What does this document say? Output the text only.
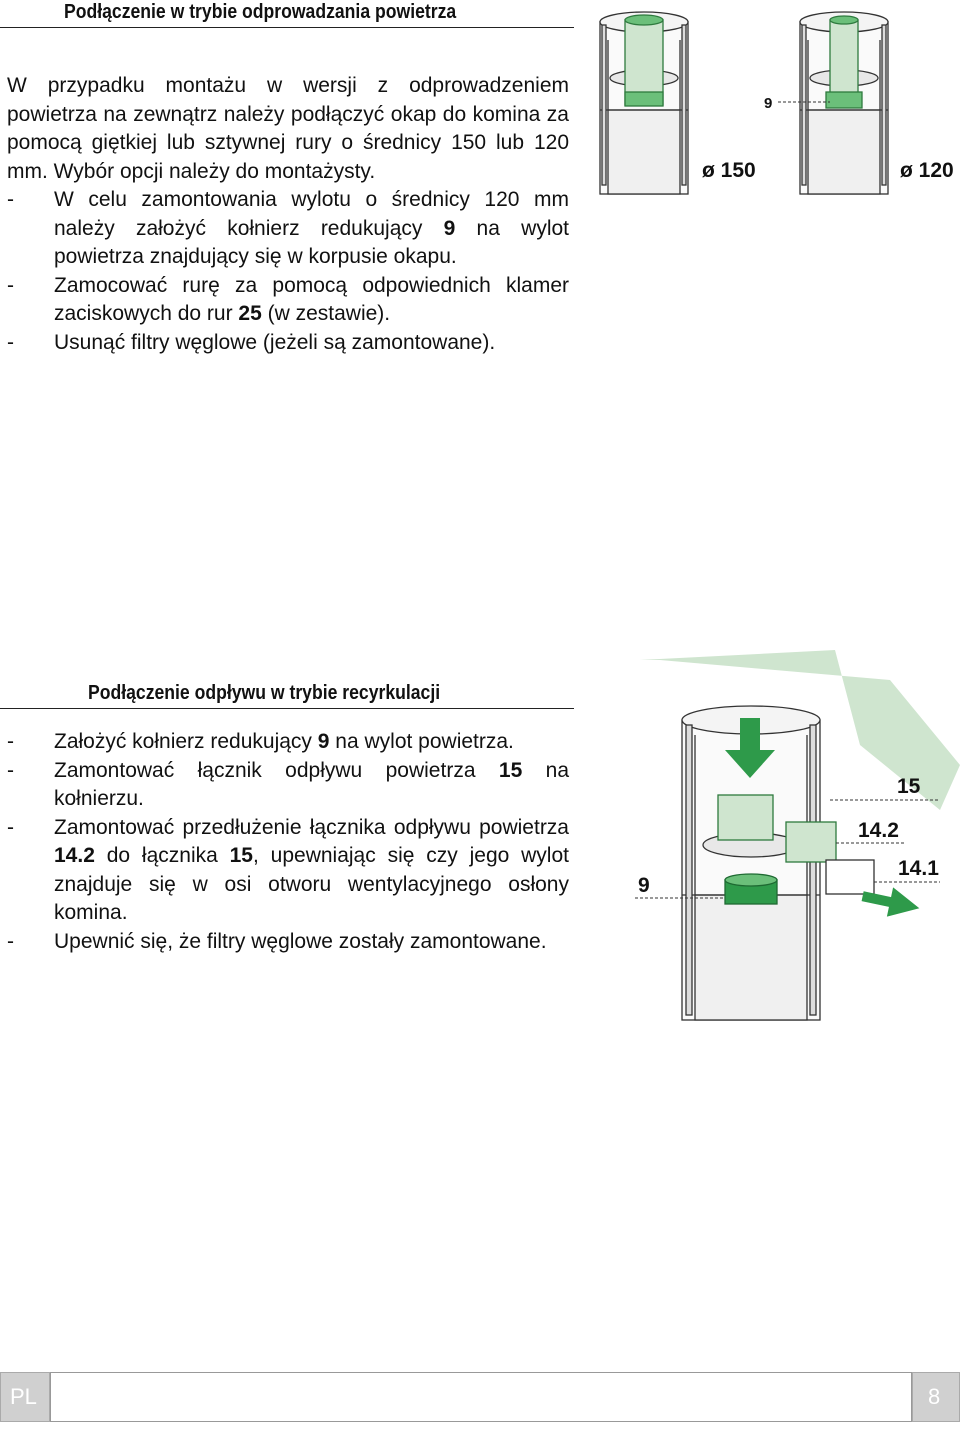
Podłączenie w trybie odprowadzania powietrza

W przypadku montażu w wersji z odprowadzeniem powietrza na zewnątrz należy podłączyć okap do komina za pomocą giętkiej lub sztywnej rury o średnicy 150 lub 120 mm. Wybór opcji należy do montażysty.

- W celu zamontowania wylotu o średnicy 120 mm należy założyć kołnierz redukujący 9 na wylot powietrza znajdujący się w korpusie okapu.

- Zamocować rurę za pomocą odpowiednich klamer zaciskowych do rur 25 (w zestawie).

- Usunąć filtry węglowe (jeżeli są zamontowane).

ø 150
9
ø 120
Podłączenie odpływu w trybie recyrkulacji

- Założyć kołnierz redukujący 9 na wylot powietrza.

- Zamontować łącznik odpływu powietrza 15 na kołnierzu.

- Zamontować przedłużenie łącznika odpływu powietrza 14.2 do łącznika 15, upewniając się czy jego wylot znajduje się w osi otworu wentylacyjnego osłony komina.

- Upewnić się, że filtry węglowe zostały zamontowane.

15
14.2
14.1
9
PL	8
